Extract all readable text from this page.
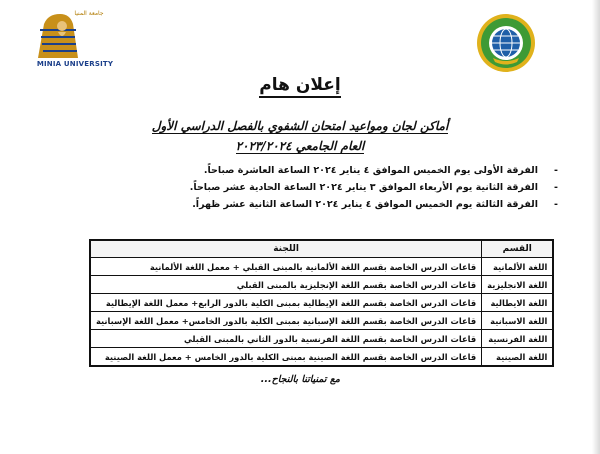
جامعة المنيا
MINIA UNIVERSITY
إعلان هام
أماكن لجان ومواعيد امتحان الشفوي بالفصل الدراسي الأول
العام الجامعي ٢٠٢٣/٢٠٢٤
-
الفرقة الأولى يوم الخميس الموافق ٤ يناير ٢٠٢٤ الساعة العاشرة صباحاً.
-
الفرقة الثانية يوم الأربعاء الموافق ٣ يناير ٢٠٢٤ الساعة الحادية عشر صباحاً.
-
الفرقة الثالثة يوم الخميس الموافق ٤ يناير ٢٠٢٤ الساعة الثانية عشر ظهراً.
القسم	اللجنة
اللغة الألمانية	قاعات الدرس الخاصة بقسم اللغة الألمانية بالمبنى القبلي + معمل اللغة الألمانية
اللغة الانجليزية	قاعات الدرس الخاصة بقسم اللغة الإنجليزية بالمبنى القبلي
اللغة الايطالية	قاعات الدرس الخاصة بقسم اللغة الإيطالية بمبنى الكلية بالدور الرابع+ معمل اللغة الإيطالية
اللغة الاسبانية	قاعات الدرس الخاصة بقسم اللغة الإسبانية بمبنى الكلية بالدور الخامس+ معمل اللغة الإسبانية
اللغة الفرنسية	قاعات الدرس الخاصة بقسم اللغة الفرنسية بالدور الثاني بالمبنى القبلي
اللغة الصينية	قاعات الدرس الخاصة بقسم اللغة الصينية بمبنى الكلية بالدور الخامس + معمل اللغة الصينية
مع تمنياتنا بالنجاح...
